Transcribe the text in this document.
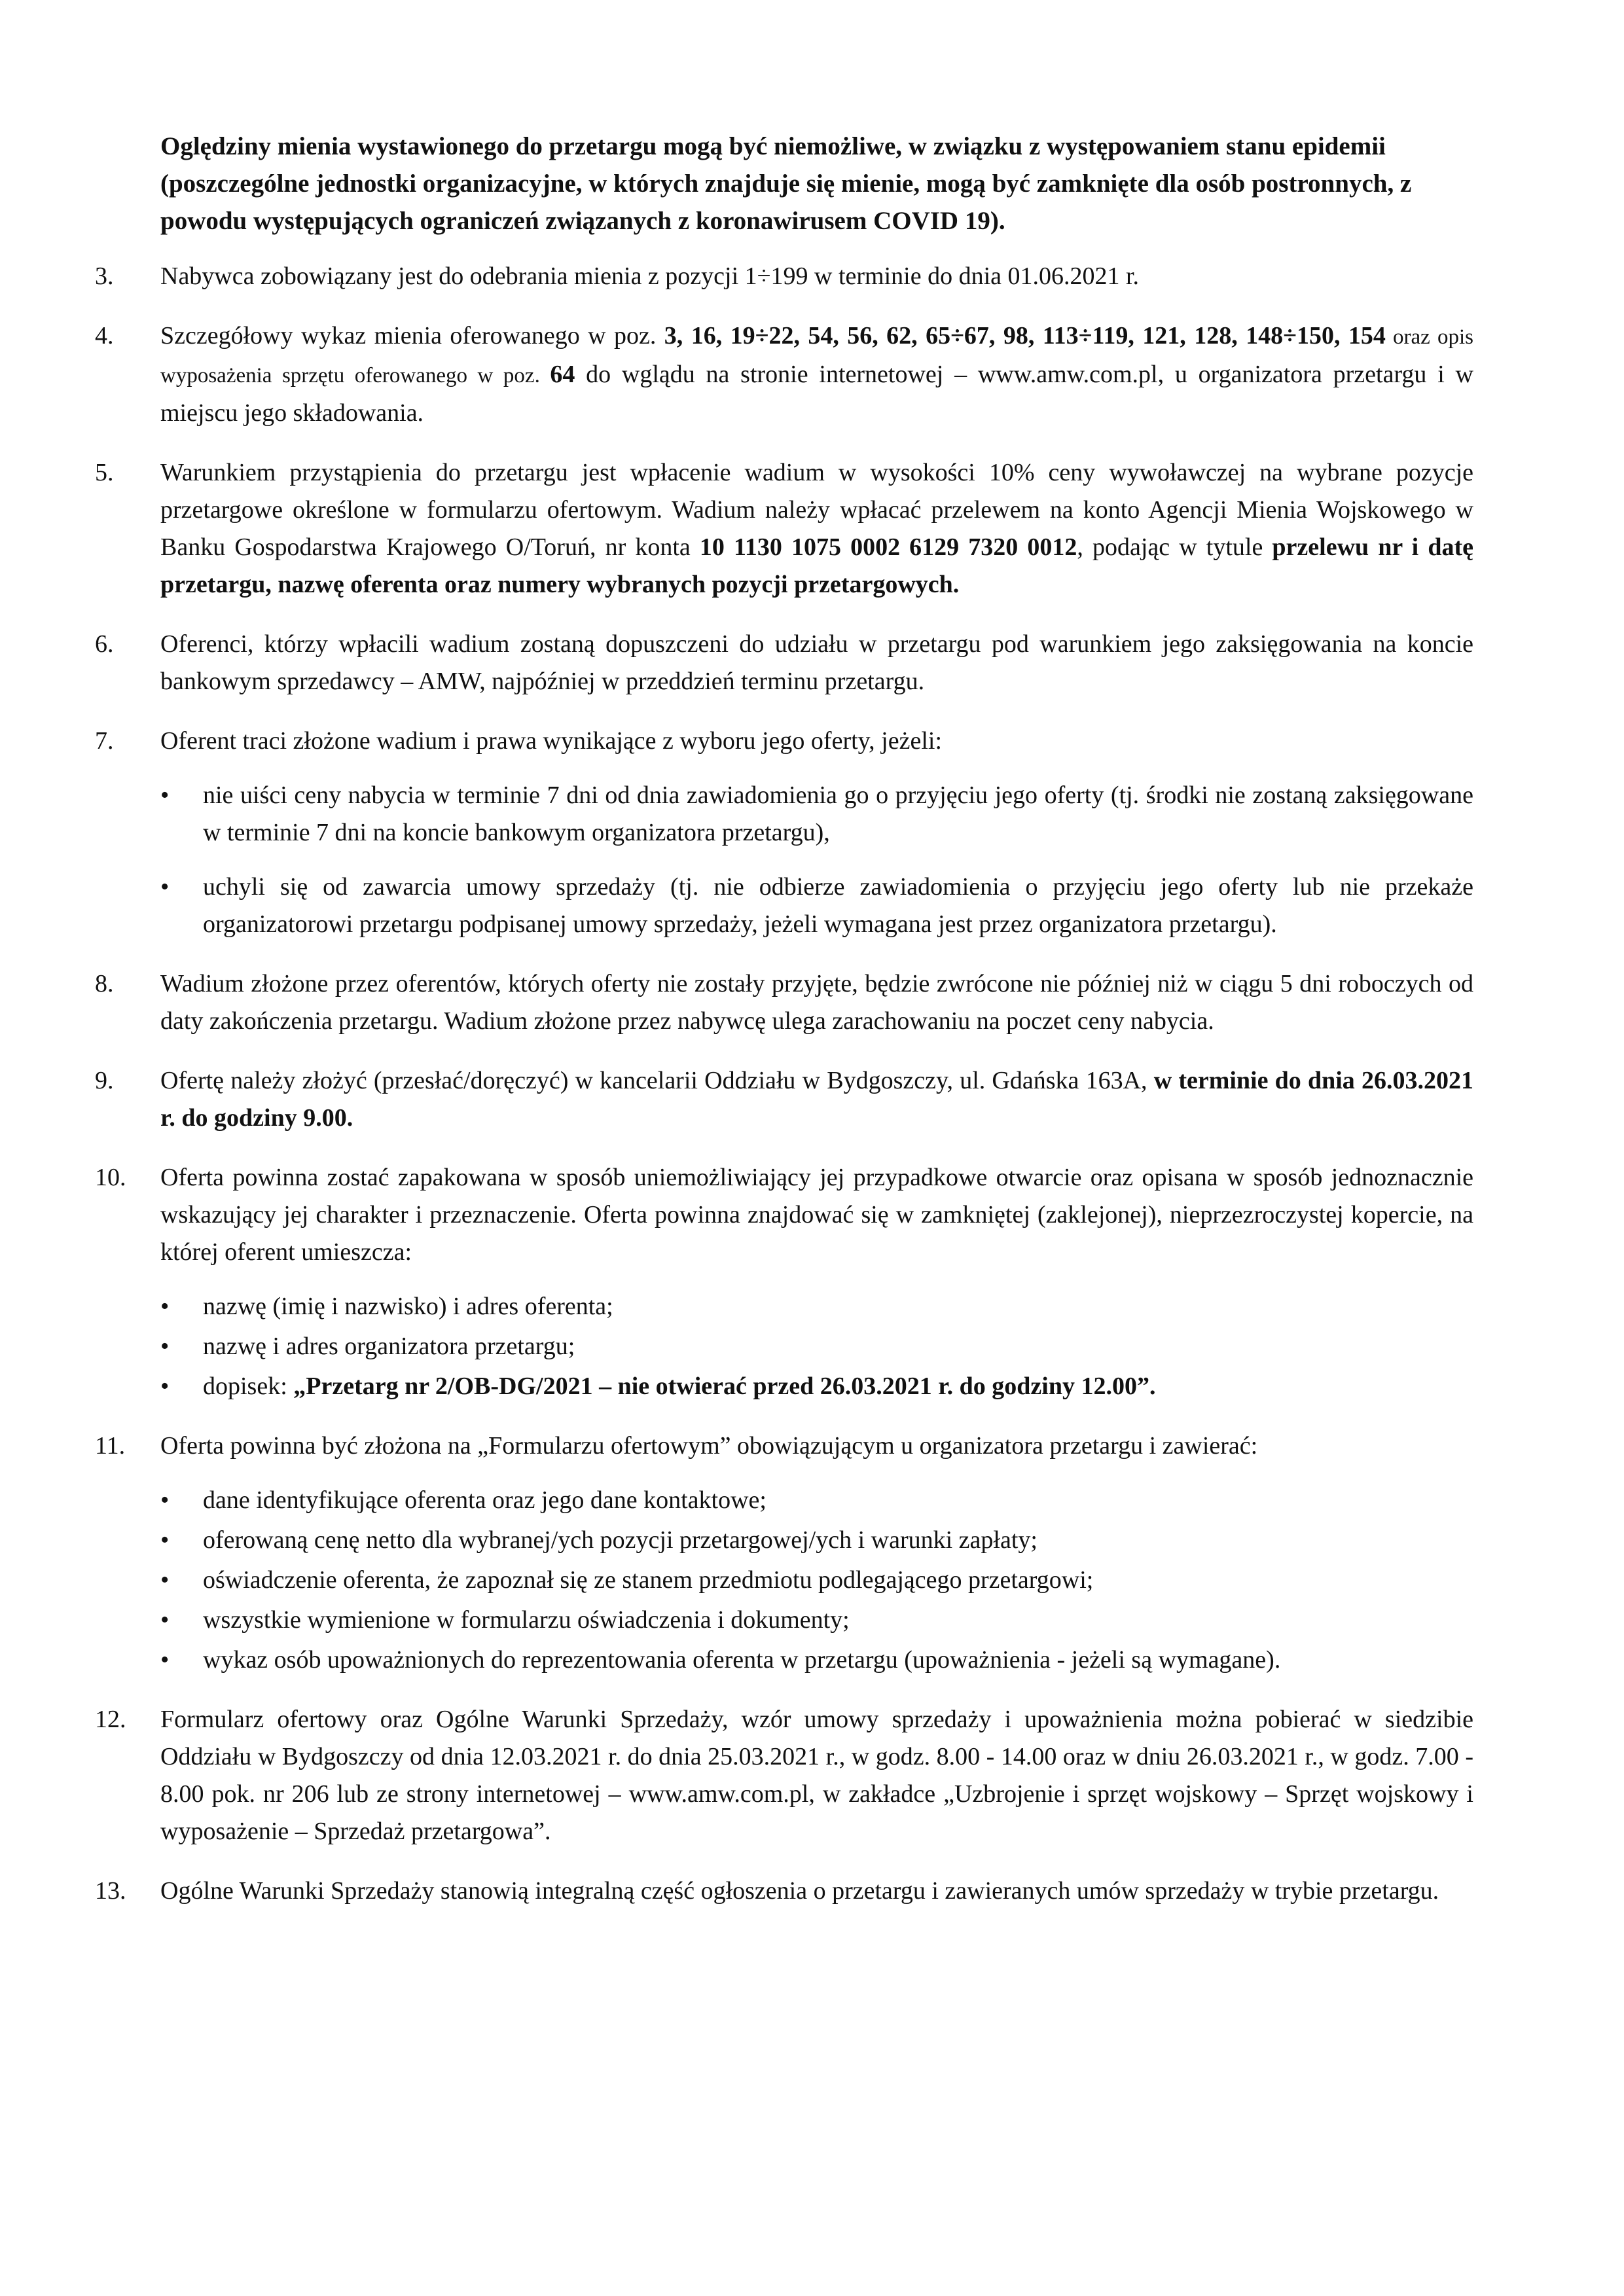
Oględziny mienia wystawionego do przetargu mogą być niemożliwe, w związku z występowaniem stanu epidemii (poszczególne jednostki organizacyjne, w których znajduje się mienie, mogą być zamknięte dla osób postronnych, z powodu występujących ograniczeń związanych z koronawirusem COVID 19).

3.	Nabywca zobowiązany jest do odebrania mienia z pozycji 1÷199 w terminie do dnia 01.06.2021 r.
4.	Szczegółowy wykaz mienia oferowanego w poz. 3, 16, 19÷22, 54, 56, 62, 65÷67, 98, 113÷119, 121, 128, 148÷150, 154 oraz opis wyposażenia sprzętu oferowanego w poz. 64 do wglądu na stronie internetowej – www.amw.com.pl, u organizatora przetargu i w miejscu jego składowania.
5.	Warunkiem przystąpienia do przetargu jest wpłacenie wadium w wysokości 10% ceny wywoławczej na wybrane pozycje przetargowe określone w formularzu ofertowym. Wadium należy wpłacać przelewem na konto Agencji Mienia Wojskowego w Banku Gospodarstwa Krajowego O/Toruń, nr konta 10 1130 1075 0002 6129 7320 0012, podając w tytule przelewu nr i datę przetargu, nazwę oferenta oraz numery wybranych pozycji przetargowych.
6.	Oferenci, którzy wpłacili wadium zostaną dopuszczeni do udziału w przetargu pod warunkiem jego zaksięgowania na koncie bankowym sprzedawcy – AMW, najpóźniej w przeddzień terminu przetargu.
7.	Oferent traci złożone wadium i prawa wynikające z wyboru jego oferty, jeżeli:
• nie uiści ceny nabycia w terminie 7 dni od dnia zawiadomienia go o przyjęciu jego oferty (tj. środki nie zostaną zaksięgowane w terminie 7 dni na koncie bankowym organizatora przetargu),
• uchyli się od zawarcia umowy sprzedaży (tj. nie odbierze zawiadomienia o przyjęciu jego oferty lub nie przekaże organizatorowi przetargu podpisanej umowy sprzedaży, jeżeli wymagana jest przez organizatora przetargu).
8.	Wadium złożone przez oferentów, których oferty nie zostały przyjęte, będzie zwrócone nie później niż w ciągu 5 dni roboczych od daty zakończenia przetargu. Wadium złożone przez nabywcę ulega zarachowaniu na poczet ceny nabycia.
9.	Ofertę należy złożyć (przesłać/doręczyć) w kancelarii Oddziału w Bydgoszczy, ul. Gdańska 163A, w terminie do dnia 26.03.2021 r. do godziny 9.00.
10.	Oferta powinna zostać zapakowana w sposób uniemożliwiający jej przypadkowe otwarcie oraz opisana w sposób jednoznacznie wskazujący jej charakter i przeznaczenie. Oferta powinna znajdować się w zamkniętej (zaklejonej), nieprzezroczystej kopercie, na której oferent umieszcza:
• nazwę (imię i nazwisko) i adres oferenta;
• nazwę i adres organizatora przetargu;
• dopisek: „Przetarg nr 2/OB-DG/2021 – nie otwierać przed 26.03.2021 r. do godziny 12.00”.
11.	Oferta powinna być złożona na „Formularzu ofertowym” obowiązującym u organizatora przetargu i zawierać:
• dane identyfikujące oferenta oraz jego dane kontaktowe;
• oferowaną cenę netto dla wybranej/ych pozycji przetargowej/ych i warunki zapłaty;
• oświadczenie oferenta, że zapoznał się ze stanem przedmiotu podlegającego przetargowi;
• wszystkie wymienione w formularzu oświadczenia i dokumenty;
• wykaz osób upoważnionych do reprezentowania oferenta w przetargu (upoważnienia - jeżeli są wymagane).
12.	Formularz ofertowy oraz Ogólne Warunki Sprzedaży, wzór umowy sprzedaży i upoważnienia można pobierać w siedzibie Oddziału w Bydgoszczy od dnia 12.03.2021 r. do dnia 25.03.2021 r., w godz. 8.00 - 14.00 oraz w dniu 26.03.2021 r., w godz. 7.00 - 8.00 pok. nr 206 lub ze strony internetowej – www.amw.com.pl, w zakładce „Uzbrojenie i sprzęt wojskowy – Sprzęt wojskowy i wyposażenie – Sprzedaż przetargowa”.
13.	Ogólne Warunki Sprzedaży stanowią integralną część ogłoszenia o przetargu i zawieranych umów sprzedaży w trybie przetargu.
